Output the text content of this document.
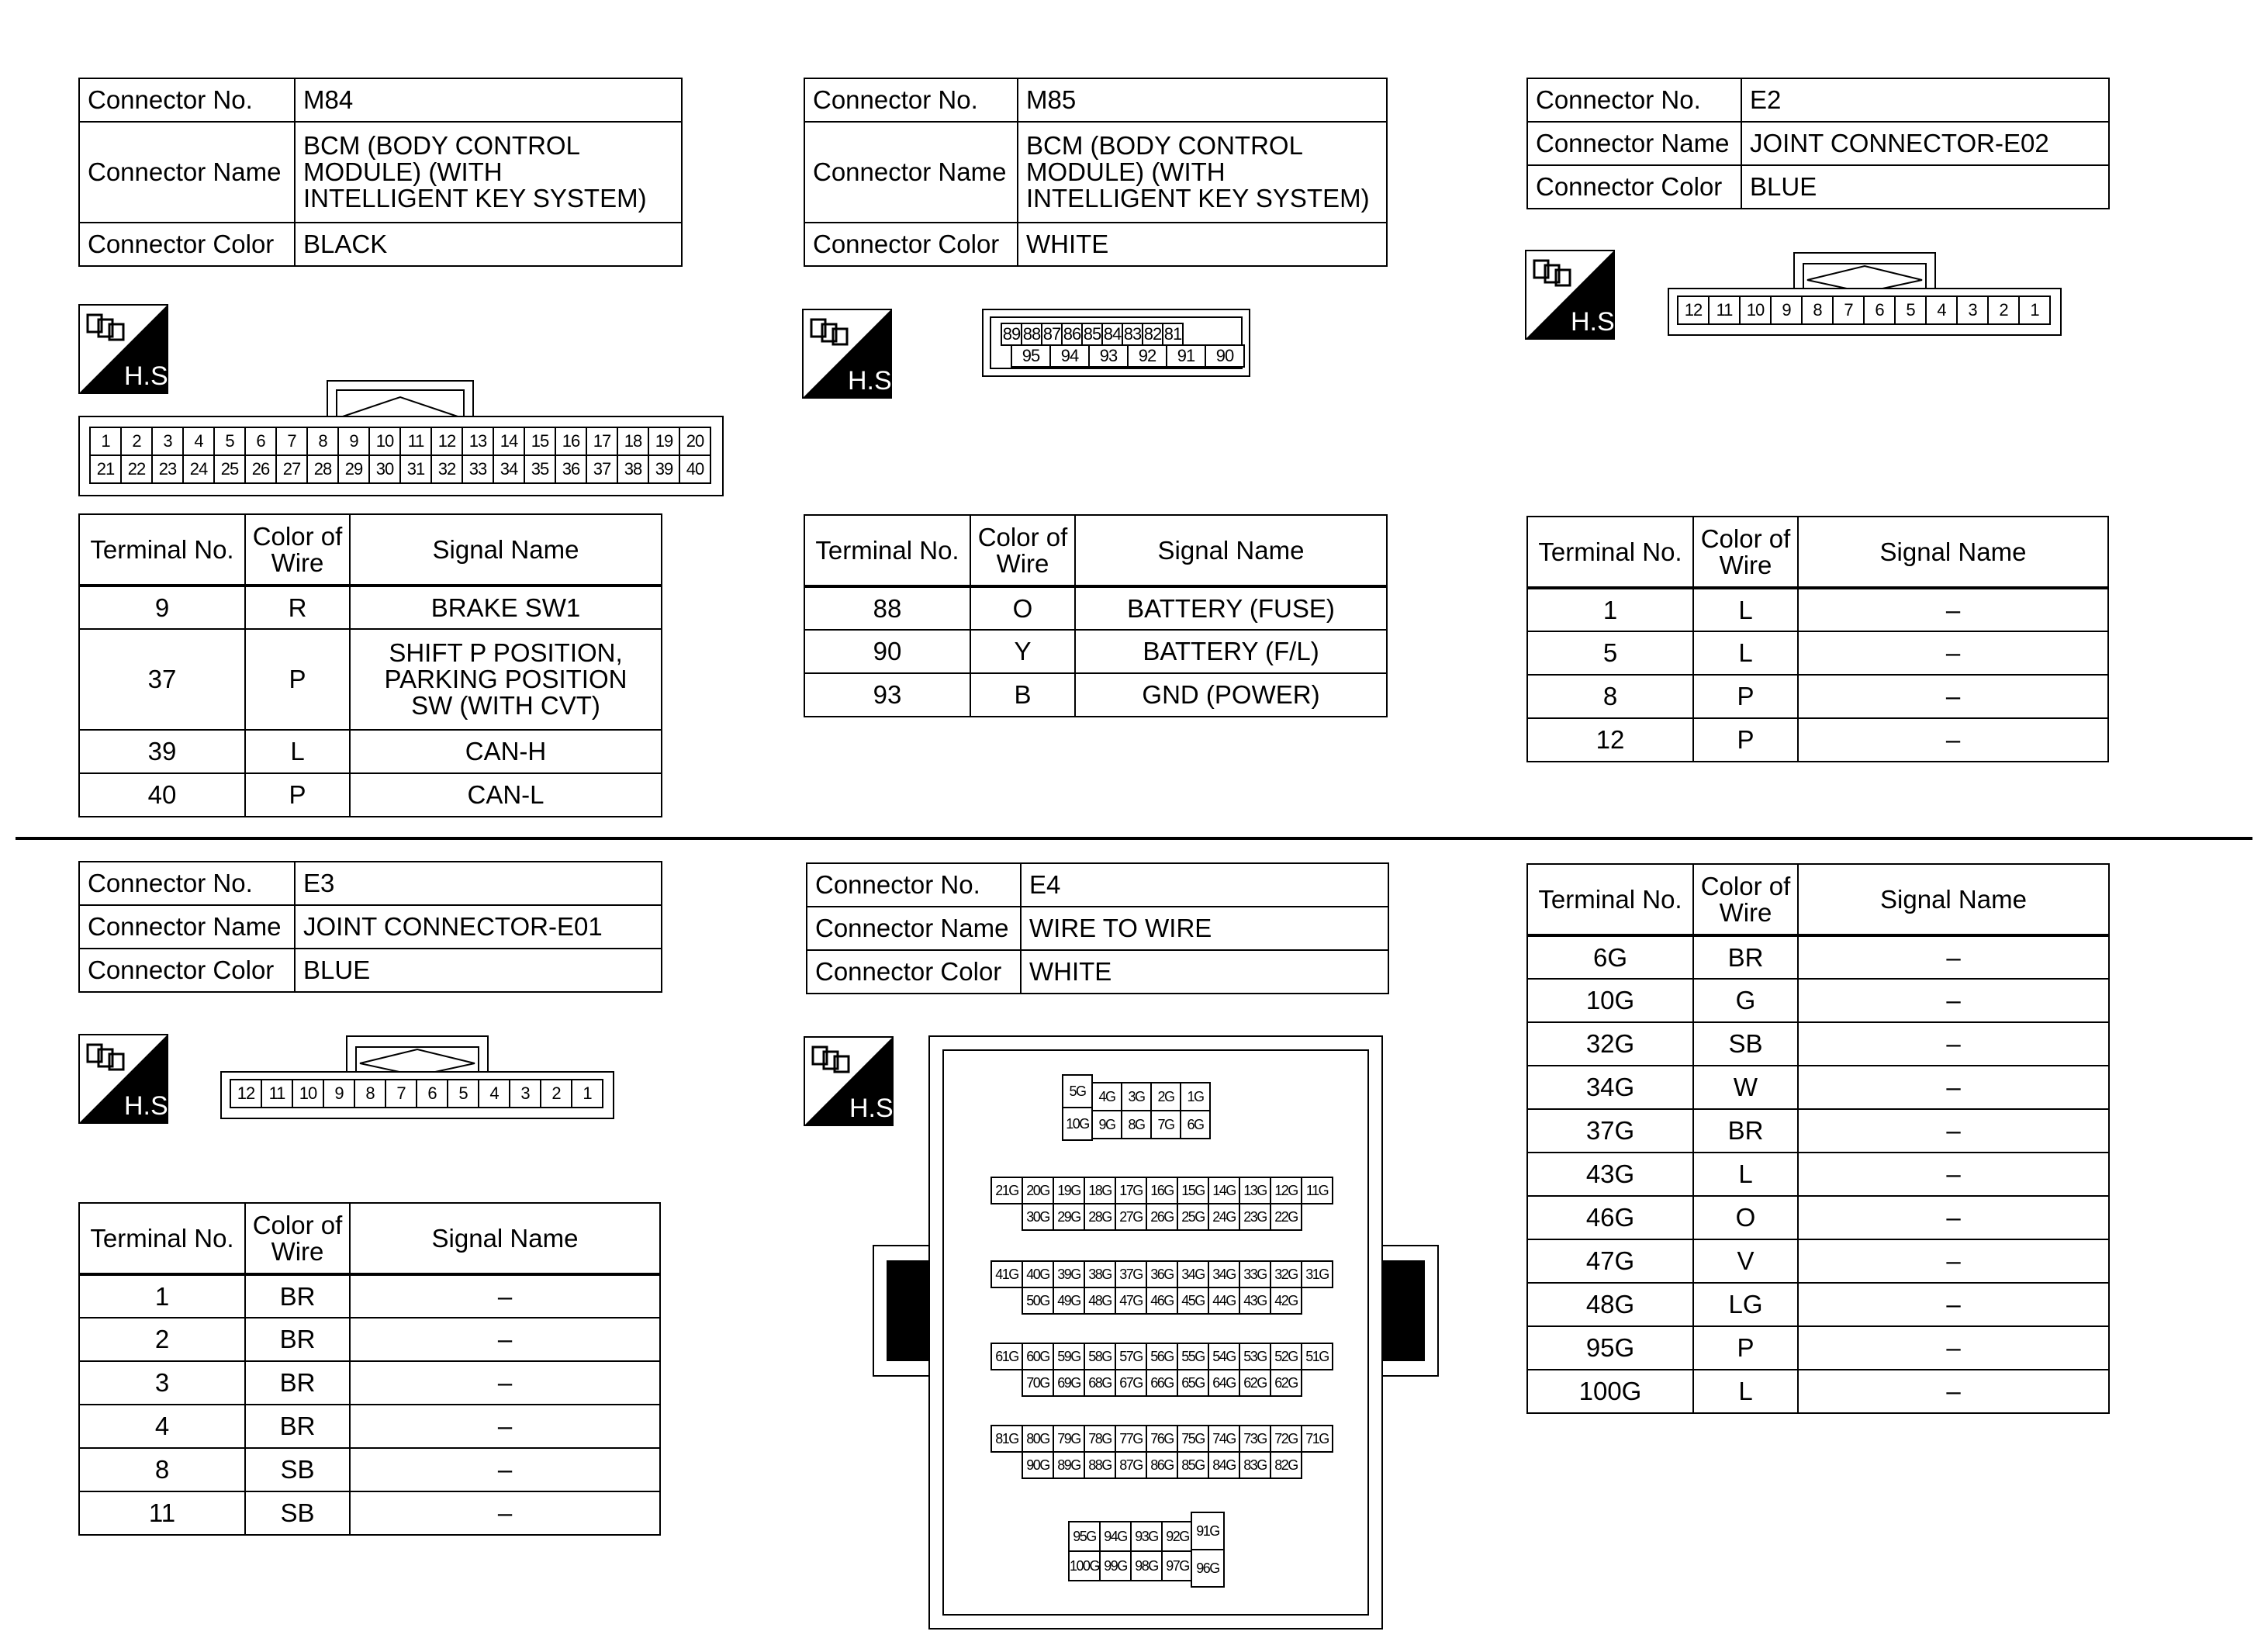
Connector No.	M84
Connector Name	BCM (BODY CONTROL MODULE) (WITH INTELLIGENT KEY SYSTEM)
Connector Color	BLACK
H.S.
1	2	3	4	5	6	7	8	9	10 11 12 13 14 15 16 17 18 19 20
21 22 23 24 25 26 27 28 29 30 31 32 33 34 35 36 37 38 39 40
Terminal No.	Color of Wire	Signal Name
9	R	BRAKE SW1
37	P	SHIFT P POSITION, PARKING POSITION SW (WITH CVT)
39	L	CAN-H
40	P	CAN-L
Connector No.	M85
Connector Name	BCM (BODY CONTROL MODULE) (WITH INTELLIGENT KEY SYSTEM)
Connector Color	WHITE
H.S.
89 88 87 86 85 84 83 82 81
95	94	93	92	91	90
Terminal No.	Color of Wire	Signal Name
88	O	BATTERY (FUSE)
90	Y	BATTERY (F/L)
93	B	GND (POWER)
Connector No.	E2
Connector Name	JOINT CONNECTOR-E02
Connector Color	BLUE
H.S.	12 11 10	9	8	7	6	5	4	3	2	1
Terminal No.	Color of Wire	Signal Name
1	L	–
5	L	–
8	P	–
12	P	–
Connector No.	E3
Connector Name	JOINT CONNECTOR-E01
Connector Color	BLUE
H.S.	12 11 10	9	8	7	6	5	4	3	2	1
Terminal No.	Color of Wire	Signal Name
1	BR	–
2	BR	–
3	BR	–
4	BR	–
8	SB	–
11	SB	–
Connector No.	E4
Connector Name	WIRE TO WIRE
Connector Color	WHITE
H.S.
5G
10G
4G 3G 2G 1G
9G 8G 7G 6G
21G 20G 19G 18G 17G 16G 15G 14G 13G 12G 11G
30G 29G 28G 27G 26G 25G 24G 23G 22G
41G 40G 39G 38G 37G 36G 34G 34G 33G 32G 31G
50G 49G 48G 47G 46G 45G 44G 43G 42G
61G 60G 59G 58G 57G 56G 55G 54G 53G 52G 51G
70G 69G 68G 67G 66G 65G 64G 62G 62G
81G 80G 79G 78G 77G 76G 75G 74G 73G 72G 71G
90G 89G 88G 87G 86G 85G 84G 83G 82G
95G 94G 93G 92G
100G 99G 98G 97G
91G
96G
Terminal No.	Color of Wire	Signal Name
6G	BR	–
10G	G	–
32G	SB	–
34G	W	–
37G	BR	–
43G	L	–
46G	O	–
47G	V	–
48G	LG	–
95G	P	–
100G	L	–
